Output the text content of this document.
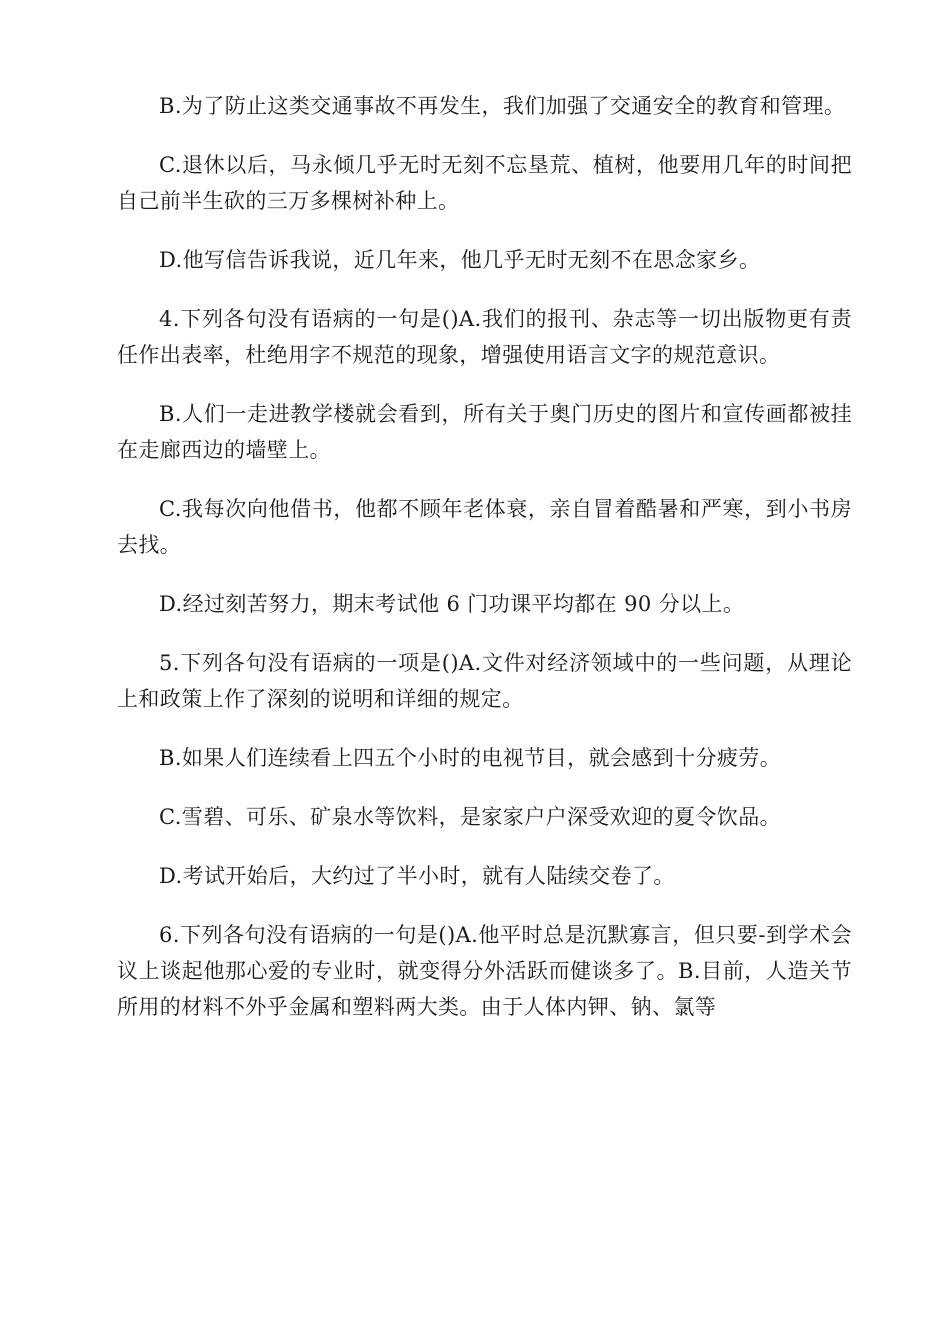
B.为了防止这类交通事故不再发生，我们加强了交通安全的教育和管理。

C.退休以后，马永倾几乎无时无刻不忘垦荒、植树，他要用几年的时间把自己前半生砍的三万多棵树补种上。

D.他写信告诉我说，近几年来，他几乎无时无刻不在思念家乡。

4.下列各句没有语病的一句是()A.我们的报刊、杂志等一切出版物更有责任作出表率，杜绝用字不规范的现象，增强使用语言文字的规范意识。

B.人们一走进教学楼就会看到，所有关于奥门历史的图片和宣传画都被挂在走廊西边的墙壁上。

C.我每次向他借书，他都不顾年老体衰，亲自冒着酷暑和严寒，到小书房去找。

D.经过刻苦努力，期末考试他 6 门功课平均都在 90 分以上。

5.下列各句没有语病的一项是()A.文件对经济领域中的一些问题，从理论上和政策上作了深刻的说明和详细的规定。

B.如果人们连续看上四五个小时的电视节目，就会感到十分疲劳。

C.雪碧、可乐、矿泉水等饮料，是家家户户深受欢迎的夏令饮品。

D.考试开始后，大约过了半小时，就有人陆续交卷了。

6.下列各句没有语病的一句是()A.他平时总是沉默寡言，但只要-到学术会议上谈起他那心爱的专业时，就变得分外活跃而健谈多了。B.目前，人造关节所用的材料不外乎金属和塑料两大类。由于人体内钾、钠、氯等
